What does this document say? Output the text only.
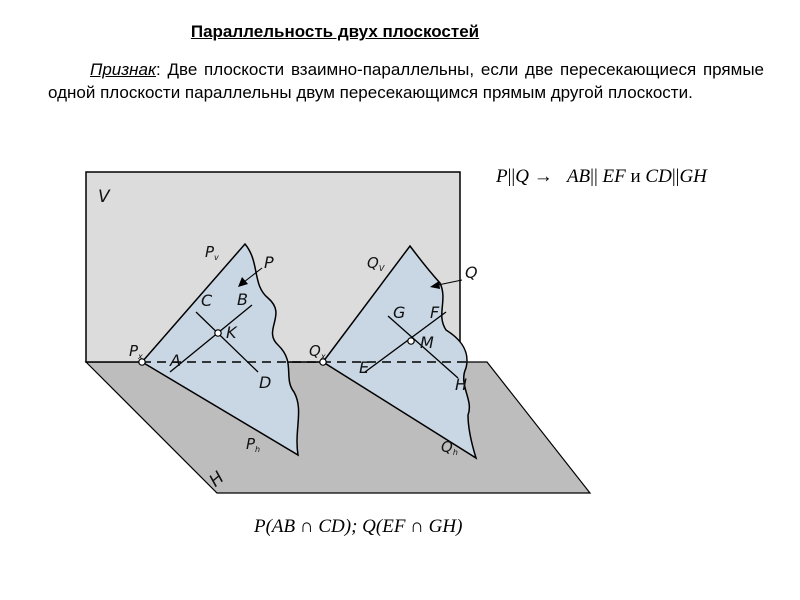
Параллельность двух плоскостей
Признак: Две плоскости взаимно-параллельны, если две пересекающиеся прямые одной плоскости параллельны двум пересекающимся прямым другой плоскости.
P||Q → AB|| EF и CD||GH
V
H
$P_v$	P
$P_x$
$P_h$
C B
K
A
D
$Q_V$	Q
$Q_x$
$Q_h$
G F
M
E
H
P(AB ∩ CD); Q(EF ∩ GH)
